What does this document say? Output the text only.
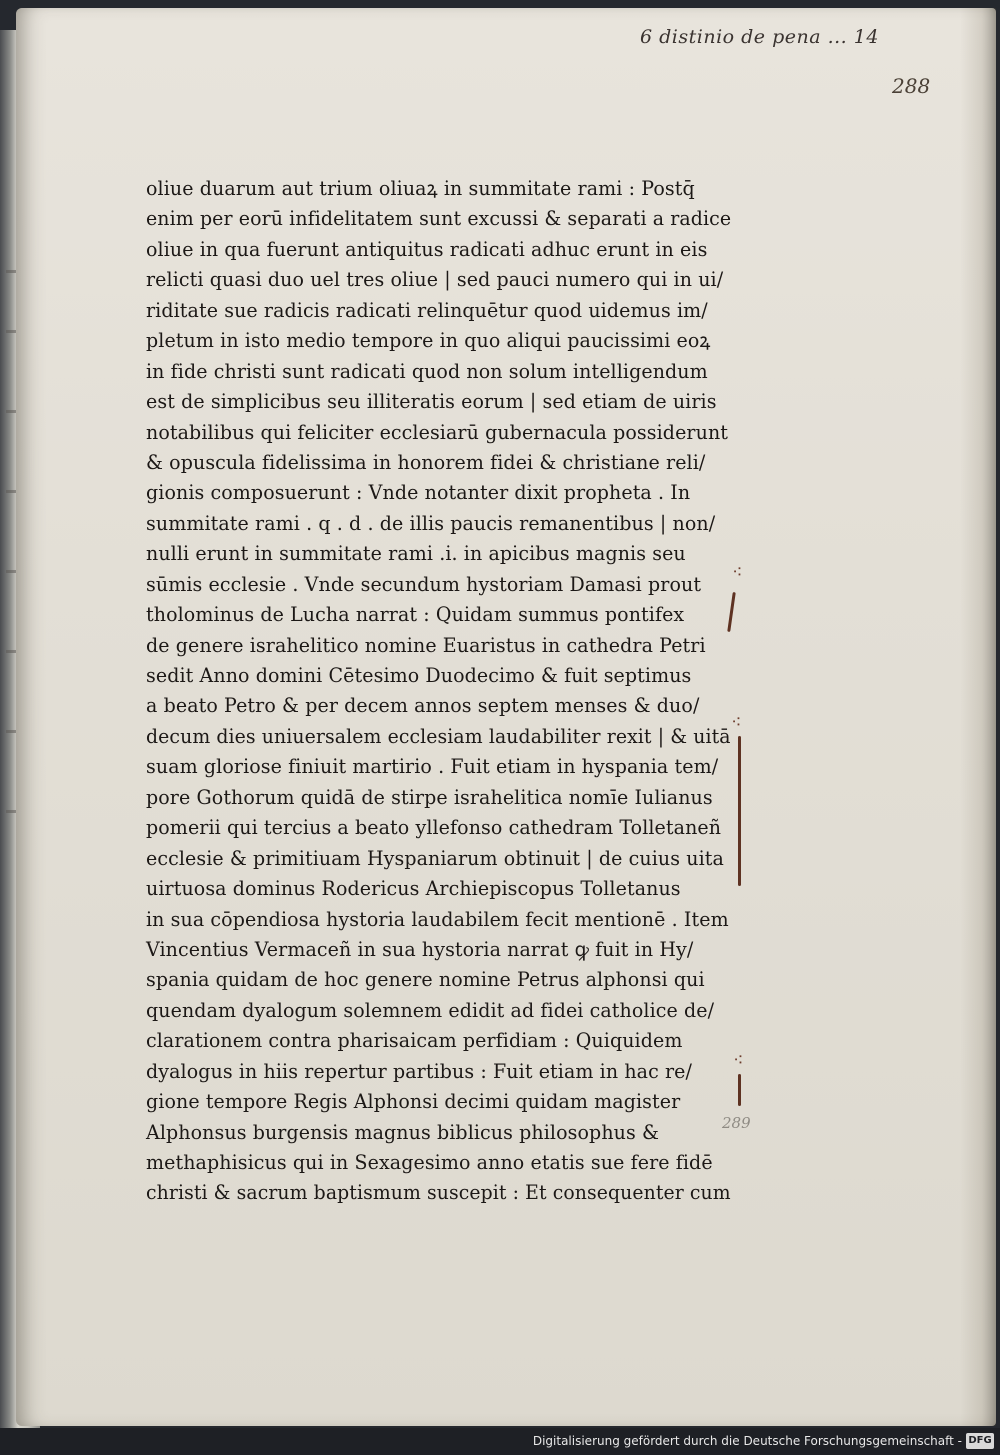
6 distinio de pena ... 14
288
289
oliue duarum aut trium oliuaꝝ in summitate rami : Postq̄
enim per eorū infidelitatem sunt excussi & separati a radice
oliue in qua fuerunt antiquitus radicati adhuc erunt in eis
relicti quasi duo uel tres oliue | sed pauci numero qui in ui/
riditate sue radicis radicati relinquētur quod uidemus im/
pletum in isto medio tempore in quo aliqui paucissimi eoꝝ
in fide christi sunt radicati quod non solum intelligendum
est de simplicibus seu illiteratis eorum | sed etiam de uiris
notabilibus qui feliciter ecclesiarū gubernacula possiderunt
& opuscula fidelissima in honorem fidei & christiane reli/
gionis composuerunt : Vnde notanter dixit propheta . In
summitate rami . q . d . de illis paucis remanentibus | non/
nulli erunt in summitate rami .i. in apicibus magnis seu
sūmis ecclesie . Vnde secundum hystoriam Damasi prout
tholominus de Lucha narrat : Quidam summus pontifex
de genere israhelitico nomine Euaristus in cathedra Petri
sedit Anno domini Cētesimo Duodecimo & fuit septimus
a beato Petro & per decem annos septem menses & duo/
decum dies uniuersalem ecclesiam laudabiliter rexit | & uitā
suam gloriose finiuit martirio . Fuit etiam in hyspania tem/
pore Gothorum quidā de stirpe israhelitica nomīe Iulianus
pomerii qui tercius a beato yllefonso cathedram Tolletaneñ
ecclesie & primitiuam Hyspaniarum obtinuit | de cuius uita
uirtuosa dominus Rodericus Archiepiscopus Tolletanus
in sua cōpendiosa hystoria laudabilem fecit mentionē . Item
Vincentius Vermaceñ in sua hystoria narrat ꝙ fuit in Hy/
spania quidam de hoc genere nomine Petrus alphonsi qui
quendam dyalogum solemnem edidit ad fidei catholice de/
clarationem contra pharisaicam perfidiam : Quiquidem
dyalogus in hiis repertur partibus : Fuit etiam in hac re/
gione tempore Regis Alphonsi decimi quidam magister
Alphonsus burgensis magnus biblicus philosophus &
methaphisicus qui in Sexagesimo anno etatis sue fere fidē
christi & sacrum baptismum suscepit : Et consequenter cum
⁖
⁖
⁖
Digitalisierung gefördert durch die Deutsche Forschungsgemeinschaft - DFG
